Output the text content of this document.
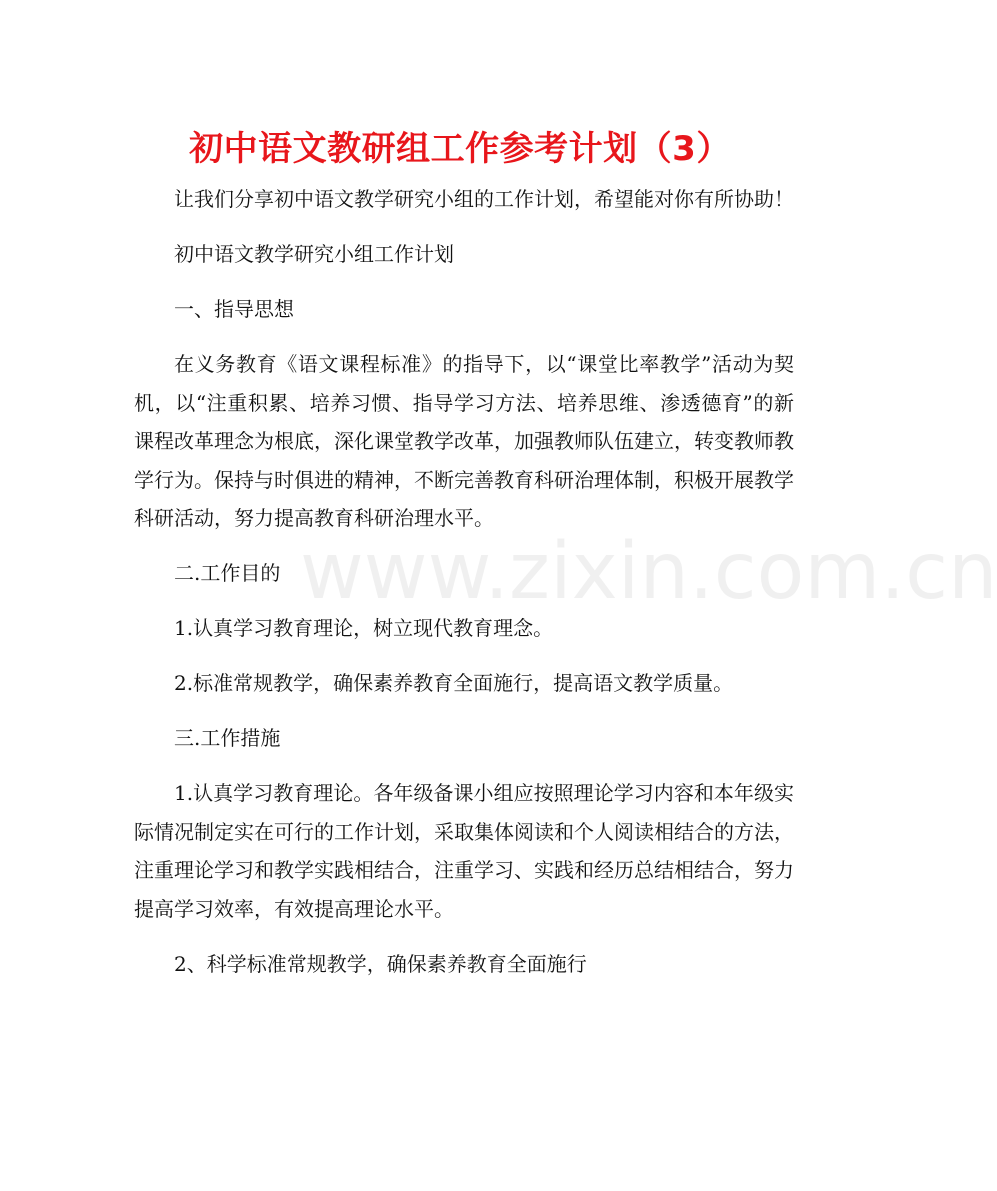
初中语文教研组工作参考计划（3）

让我们分享初中语文教学研究小组的工作计划，希望能对你有所协助！

初中语文教学研究小组工作计划

一、指导思想

在义务教育《语文课程标准》的指导下，以“课堂比率教学”活动为契机，以“注重积累、培养习惯、指导学习方法、培养思维、渗透德育”的新课程改革理念为根底，深化课堂教学改革，加强教师队伍建立，转变教师教学行为。保持与时俱进的精神，不断完善教育科研治理体制，积极开展教学科研活动，努力提高教育科研治理水平。

二.工作目的

1.认真学习教育理论，树立现代教育理念。

2.标准常规教学，确保素养教育全面施行，提高语文教学质量。

三.工作措施

1.认真学习教育理论。各年级备课小组应按照理论学习内容和本年级实际情况制定实在可行的工作计划，采取集体阅读和个人阅读相结合的方法，注重理论学习和教学实践相结合，注重学习、实践和经历总结相结合，努力提高学习效率，有效提高理论水平。

2、科学标准常规教学，确保素养教育全面施行

www.zixin.com.cn
